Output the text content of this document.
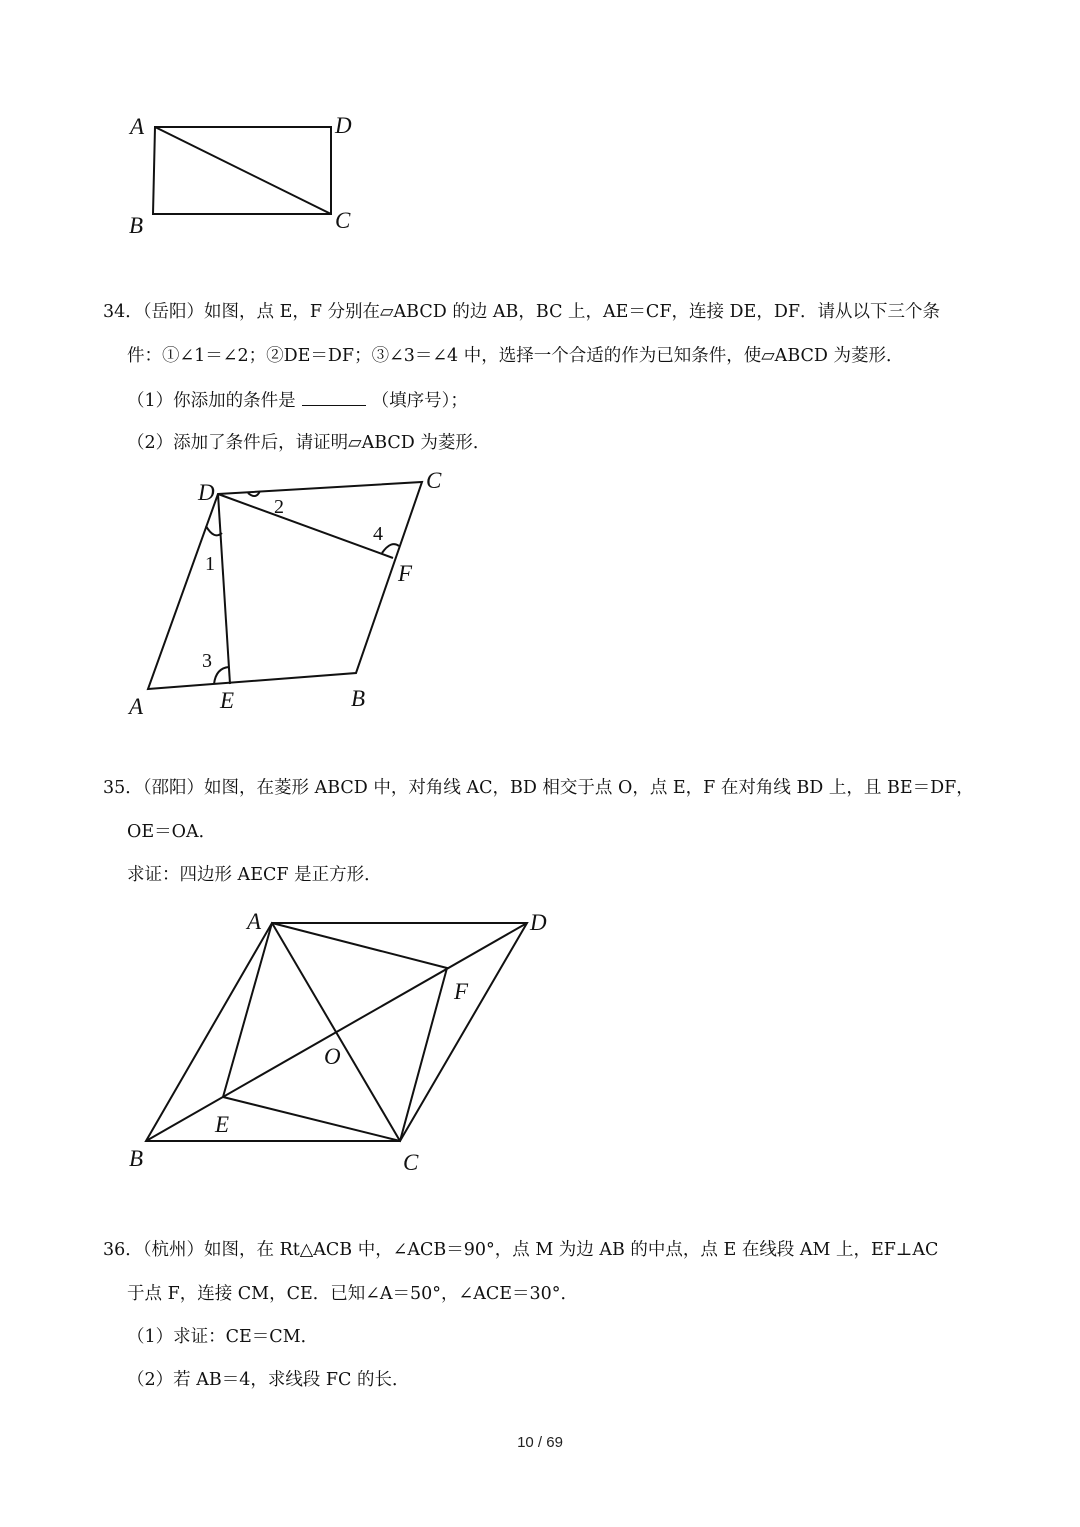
A	D
B	C
34．（岳阳）如图，点 E，F 分别在▱ABCD 的边 AB，BC 上，AE＝CF，连接 DE，DF．请从以下三个条
件：①∠1＝∠2；②DE＝DF；③∠3＝∠4 中，选择一个合适的作为已知条件，使▱ABCD 为菱形．
（1）你添加的条件是	（填序号）；
（2）添加了条件后，请证明▱ABCD 为菱形．
D	C
F
A	E	B
1
2
3
4
35．（邵阳）如图，在菱形 ABCD 中，对角线 AC，BD 相交于点 O，点 E，F 在对角线 BD 上，且 BE＝DF，
OE＝OA．
求证：四边形 AECF 是正方形．
A	D
F
O
E
B	C
36．（杭州）如图，在 Rt△ACB 中，∠ACB＝90°，点 M 为边 AB 的中点，点 E 在线段 AM 上，EF⊥AC
于点 F，连接 CM，CE．已知∠A＝50°，∠ACE＝30°．
（1）求证：CE＝CM．
（2）若 AB＝4，求线段 FC 的长．
10 / 69
